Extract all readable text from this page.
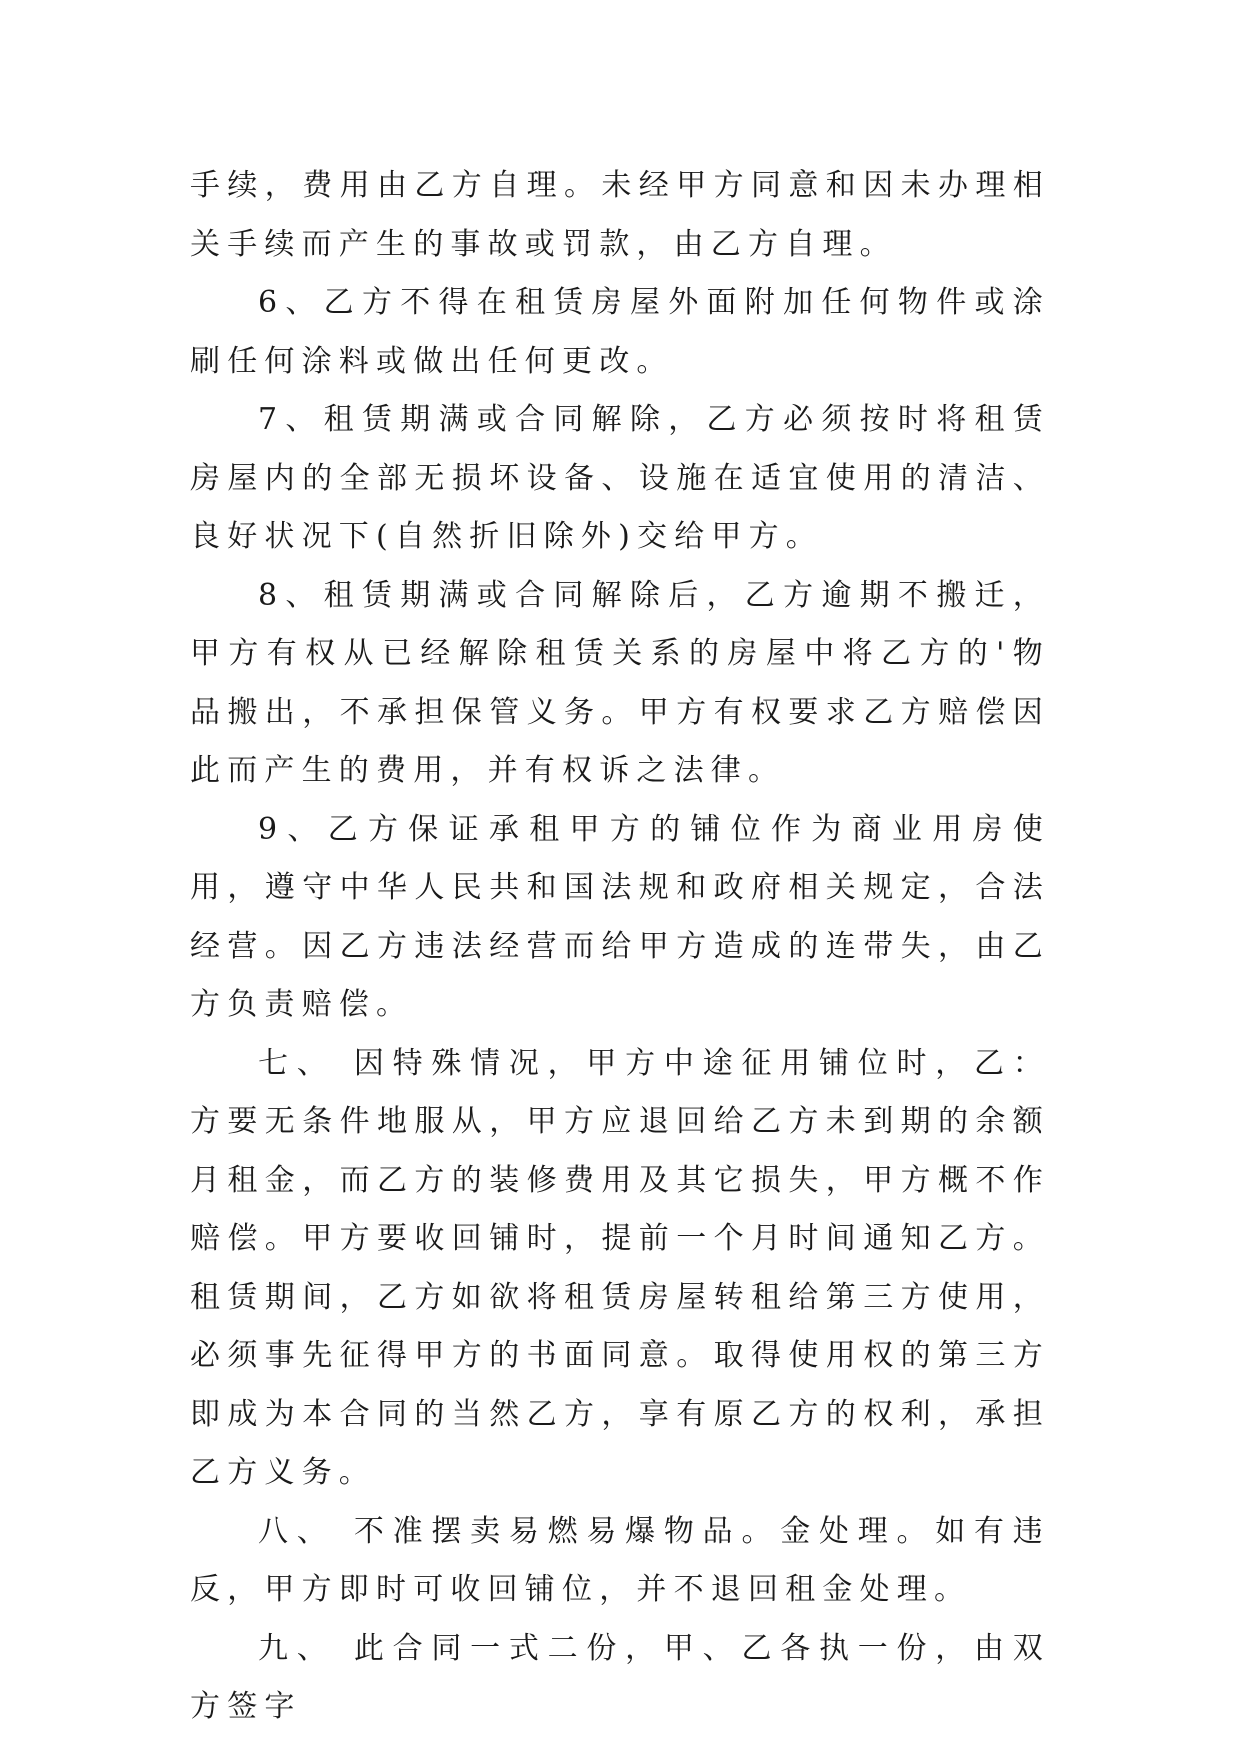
手续，费用由乙方自理。未经甲方同意和因未办理相关手续而产生的事故或罚款，由乙方自理。

6、乙方不得在租赁房屋外面附加任何物件或涂刷任何涂料或做出任何更改。

7、租赁期满或合同解除，乙方必须按时将租赁房屋内的全部无损坏设备、设施在适宜使用的清洁、良好状况下(自然折旧除外)交给甲方。

8、租赁期满或合同解除后，乙方逾期不搬迁，甲方有权从已经解除租赁关系的房屋中将乙方的'物品搬出，不承担保管义务。甲方有权要求乙方赔偿因此而产生的费用，并有权诉之法律。

9、乙方保证承租甲方的铺位作为商业用房使用，遵守中华人民共和国法规和政府相关规定，合法经营。因乙方违法经营而给甲方造成的连带失，由乙方负责赔偿。

七、 因特殊情况，甲方中途征用铺位时，乙：方要无条件地服从，甲方应退回给乙方未到期的余额月租金，而乙方的装修费用及其它损失，甲方概不作赔偿。甲方要收回铺时，提前一个月时间通知乙方。租赁期间，乙方如欲将租赁房屋转租给第三方使用，必须事先征得甲方的书面同意。取得使用权的第三方即成为本合同的当然乙方，享有原乙方的权利，承担乙方义务。

八、 不准摆卖易燃易爆物品。金处理。如有违反，甲方即时可收回铺位，并不退回租金处理。

九、 此合同一式二份，甲、乙各执一份，由双方签字
